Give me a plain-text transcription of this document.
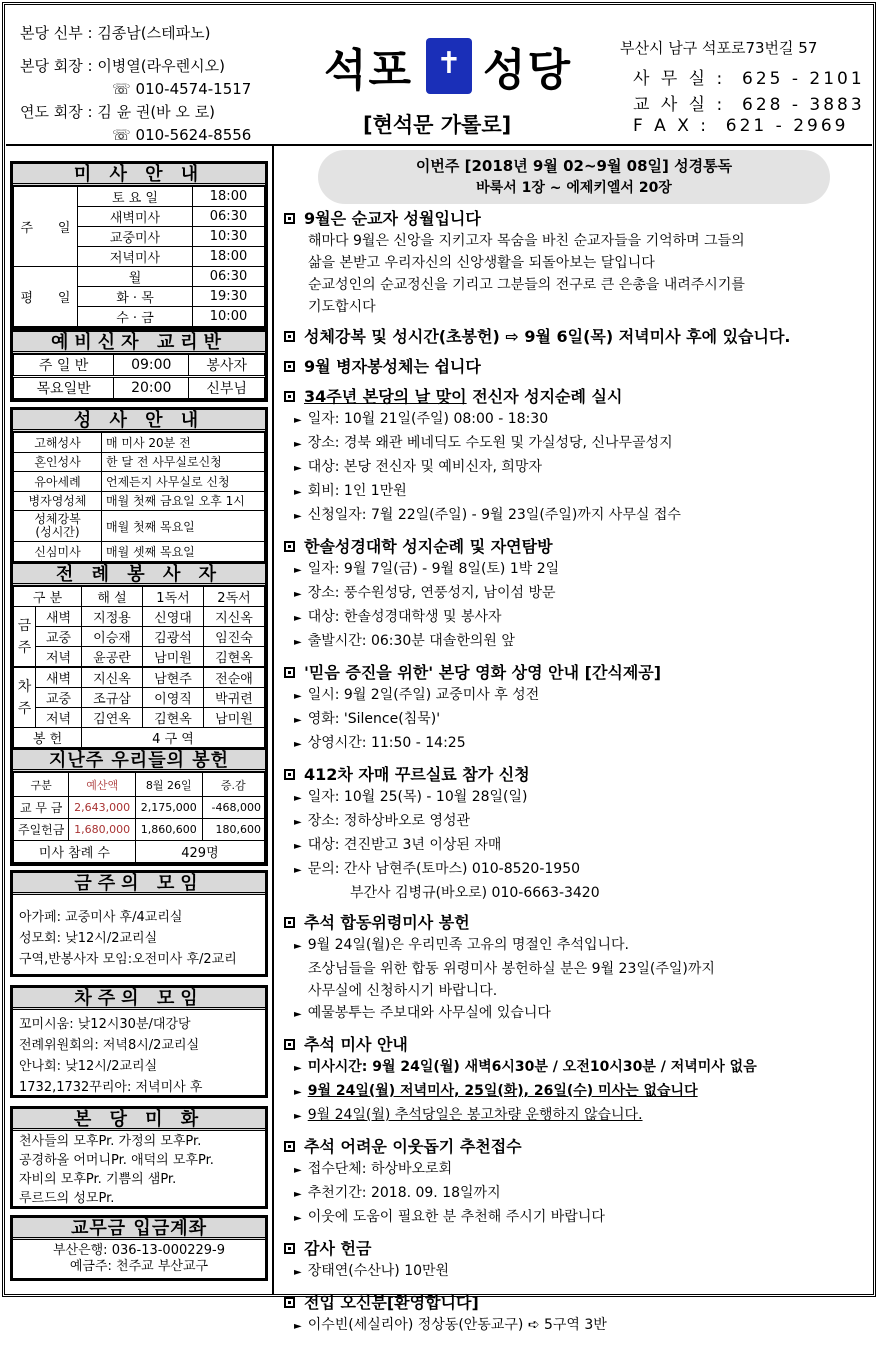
본당 신부 : 김종남(스테파노)
본당 회장 : 이병열(라우렌시오)
☏ 010-4574-1517
연도 회장 : 김 윤 권(바 오 로)
☏ 010-5624-8556
석포 성당
✝
[현석문 가롤로]
부산시 남구 석포로73번길 57
사 무 실 :  625 - 2101
교 사 실 :  628 - 3883
F A X :  621 - 2969
미 사 안 내
주      일	토 요 일	18:00
	새벽미사	06:30
	교중미사	10:30
	저녁미사	18:00
평      일	월	06:30
	화 · 목	19:30
	수 · 금	10:00
예비신자 교리반
주 일 반	09:00	봉사자
목요일반	20:00	신부님
성 사 안 내
고해성사	매 미사 20분 전
혼인성사	한 달 전 사무실로신청
유아세례	언제든지 사무실로 신청
병자영성체	매월 첫째 금요일 오후 1시
성체강복
(성시간)	매월 첫째 목요일
신심미사	매월 셋째 목요일
전 례 봉 사 자
구 분		해 설	1독서	2독서
금
주	새벽	지정용	신영대	지신옥
	교중	이승재	김광석	임진숙
	저녁	윤공란	남미원	김현옥
차
주	새벽	지신옥	남현주	전순애
	교중	조규삼	이영직	박귀련
	저녁	김연옥	김현옥	남미원
봉 헌		4 구 역		
지난주 우리들의 봉헌
구분	예산액	8월 26일	증.감
교 무 금	2,643,000	2,175,000	-468,000
주일헌금	1,680,000	1,860,600	180,600
미사 참례 수		429명	
금주의 모임
아가페: 교중미사 후/4교리실
성모회: 낮12시/2교리실
구역,반봉사자 모임:오전미사 후/2교리
차주의 모임
꼬미시움: 낮12시30분/대강당
전례위원회의: 저녁8시/2교리실
안나회: 낮12시/2교리실
1732,1732꾸리아: 저녁미사 후
본 당 미 화
천사들의 모후Pr. 가정의 모후Pr.
공경하올 어머니Pr. 애덕의 모후Pr.
자비의 모후Pr. 기쁨의 샘Pr.
루르드의 성모Pr.
교무금 입금계좌
부산은행: 036-13-000229-9
예금주: 천주교 부산교구
이번주 [2018년 9월 02~9월 08일] 성경통독
바룩서 1장 ~ 에제키엘서 20장
9월은 순교자 성월입니다
해마다 9월은 신앙을 지키고자 목숨을 바친 순교자들을 기억하며 그들의
삶을 본받고 우리자신의 신앙생활을 되돌아보는 달입니다
순교성인의 순교정신을 기리고 그분들의 전구로 큰 은총을 내려주시기를
기도합시다
성체강복 및 성시간(초봉헌) ⇨ 9월 6일(목) 저녁미사 후에 있습니다.
9월 병자봉성체는 쉽니다
34주년 본당의 날 맞이 전신자 성지순례 실시
► 일자: 10월 21일(주일) 08:00 - 18:30
► 장소: 경북 왜관 베네딕도 수도원 및 가실성당, 신나무골성지
► 대상: 본당 전신자 및 예비신자, 희망자
► 회비: 1인 1만원
► 신청일자: 7월 22일(주일) - 9월 23일(주일)까지 사무실 접수
한솔성경대학 성지순례 및 자연탐방
► 일자: 9월 7일(금) - 9월 8일(토) 1박 2일
► 장소: 풍수원성당, 연풍성지, 남이섬 방문
► 대상: 한솔성경대학생 및 봉사자
► 출발시간: 06:30분 대솔한의원 앞
'믿음 증진을 위한' 본당 영화 상영 안내 [간식제공]
► 일시: 9월 2일(주일) 교중미사 후 성전
► 영화: 'Silence(침묵)'
► 상영시간: 11:50 - 14:25
412차 자매 꾸르실료 참가 신청
► 일자: 10월 25(목) - 10월 28일(일)
► 장소: 정하상바오로 영성관
► 대상: 견진받고 3년 이상된 자매
► 문의: 간사 남현주(토마스) 010-8520-1950
부간사 김병규(바오로) 010-6663-3420
추석 합동위령미사 봉헌
► 9월 24일(월)은 우리민족 고유의 명절인 추석입니다.
조상님들을 위한 합동 위령미사 봉헌하실 분은 9월 23일(주일)까지
사무실에 신청하시기 바랍니다.
► 예물봉투는 주보대와 사무실에 있습니다
추석 미사 안내
► 미사시간: 9월 24일(월) 새벽6시30분 / 오전10시30분 / 저녁미사 없음
► 9월 24일(월) 저녁미사, 25일(화), 26일(수) 미사는 없습니다
► 9월 24일(월) 추석당일은 봉고차량 운행하지 않습니다.
추석 어려운 이웃돕기 추천접수
► 접수단체: 하상바오로회
► 추천기간: 2018. 09. 18일까지
► 이웃에 도움이 필요한 분 추천해 주시기 바랍니다
감사 헌금
► 장태연(수산나) 10만원
전입 오신분[환영합니다]
► 이수빈(세실리아) 정상동(안동교구) ➪ 5구역 3반
